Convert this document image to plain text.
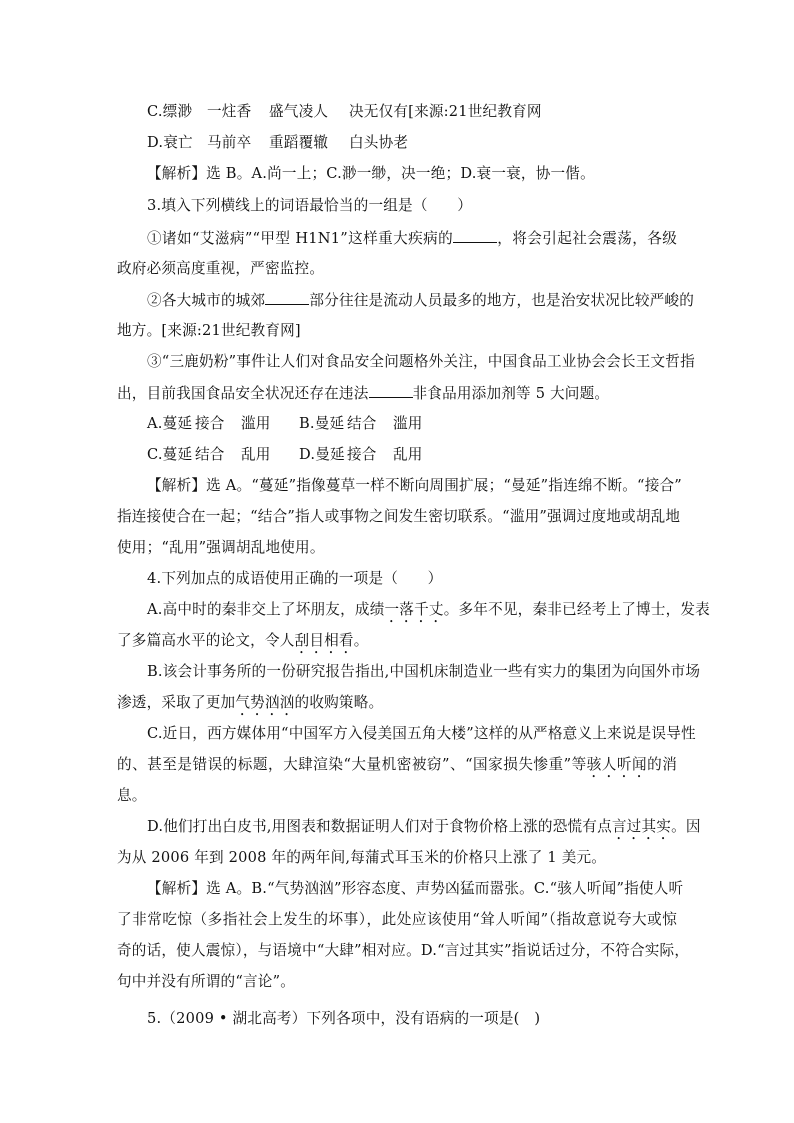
C.缥渺 一炷香 盛气凌人 决无仅有[来源:21世纪教育网
D.衰亡 马前卒 重蹈覆辙 白头协老
【解析】选 B。A.尚一上；C.渺一缈，决一绝；D.衰一衰，协一偕。
3.填入下列横线上的词语最恰当的一组是（　　）
①诸如“艾滋病”“甲型 H1N1”这样重大疾病的	，将会引起社会震荡，各级
政府必须高度重视，严密监控。
②各大城市的城郊	部分往往是流动人员最多的地方，也是治安状况比较严峻的
地方。[来源:21世纪教育网]
③“三鹿奶粉”事件让人们对食品安全问题格外关注，中国食品工业协会会长王文哲指
出，目前我国食品安全状况还存在违法	非食品用添加剂等 5 大问题。
A.蔓延 接合 滥用 B.曼延 结合 滥用
C.蔓延 结合 乱用 D.曼延 接合 乱用
【解析】选 A。“蔓延”指像蔓草一样不断向周围扩展；“曼延”指连绵不断。“接合”
指连接使合在一起；“结合”指人或事物之间发生密切联系。“滥用”强调过度地或胡乱地
使用；“乱用”强调胡乱地使用。
4.下列加点的成语使用正确的一项是（　　）
A.高中时的秦非交上了坏朋友，成绩一落千丈。多年不见，秦非已经考上了博士，发表
了多篇高水平的论文，令人刮目相看。
B.该会计事务所的一份研究报告指出,中国机床制造业一些有实力的集团为向国外市场
渗透，采取了更加气势汹汹的收购策略。
C.近日，西方媒体用“中国军方入侵美国五角大楼”这样的从严格意义上来说是误导性
的、甚至是错误的标题，大肆渲染“大量机密被窃”、“国家损失惨重”等骇人听闻的消
息。
D.他们打出白皮书,用图表和数据证明人们对于食物价格上涨的恐慌有点言过其实。因
为从 2006 年到 2008 年的两年间,每蒲式耳玉米的价格只上涨了 1 美元。
【解析】选 A。B.“气势汹汹”形容态度、声势凶猛而嚣张。C.“骇人听闻”指使人听
了非常吃惊（多指社会上发生的坏事），此处应该使用“耸人听闻”（指故意说夸大或惊
奇的话，使人震惊），与语境中“大肆”相对应。D.“言过其实”指说话过分，不符合实际，
句中并没有所谓的“言论”。
5.（2009 • 湖北高考）下列各项中，没有语病的一项是(　)
